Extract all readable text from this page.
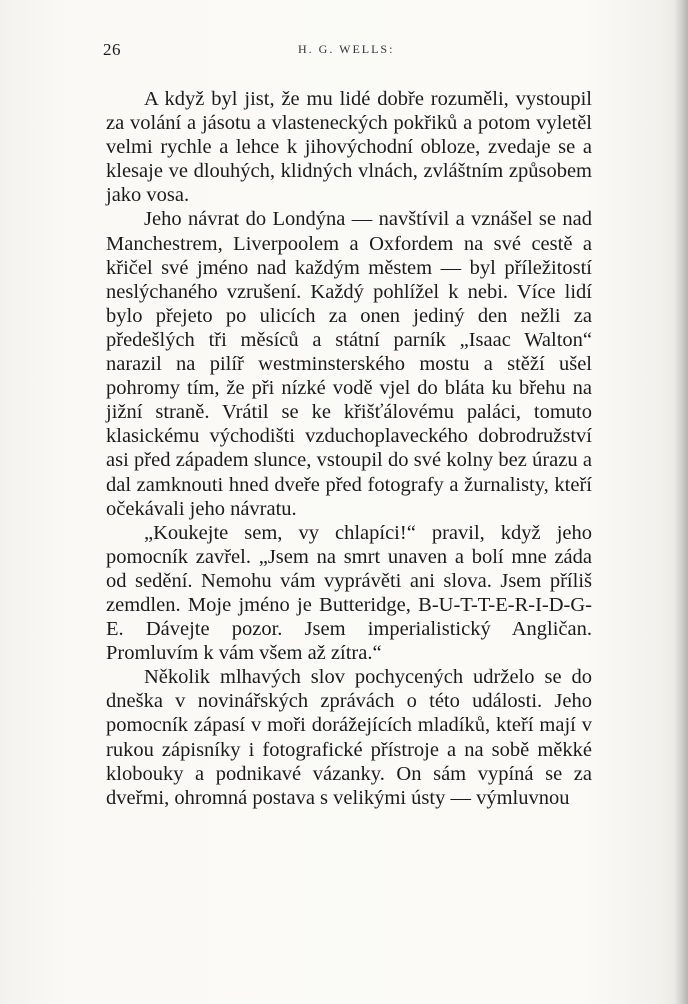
26	H. G. WELLS:

A když byl jist, že mu lidé dobře rozuměli, vystoupil za volání a jásotu a vlasteneckých pokřiků a potom vyletěl velmi rychle a lehce k jihovýchodní obloze, zvedaje se a klesaje ve dlouhých, klidných vlnách, zvláštním způsobem jako vosa.

Jeho návrat do Londýna — navštívil a vznášel se nad Manchestrem, Liverpoolem a Oxfordem na své cestě a křičel své jméno nad každým městem — byl příležitostí neslýchaného vzrušení. Každý pohlížel k nebi. Více lidí bylo přejeto po ulicích za onen jediný den nežli za předešlých tři měsíců a státní parník „Isaac Walton“ narazil na pilíř westminsterského mostu a stěží ušel pohromy tím, že při nízké vodě vjel do bláta ku břehu na jižní straně. Vrátil se ke křišťálovému paláci, tomuto klasickému východišti vzduchoplaveckého dobrodružství asi před západem slunce, vstoupil do své kolny bez úrazu a dal zamknouti hned dveře před fotografy a žurnalisty, kteří očekávali jeho návratu.

„Koukejte sem, vy chlapíci!“ pravil, když jeho pomocník zavřel. „Jsem na smrt unaven a bolí mne záda od sedění. Nemohu vám vyprávěti ani slova. Jsem příliš zemdlen. Moje jméno je Butteridge, B-U-T-T-E-R-I-D-G-E. Dávejte pozor. Jsem imperialistický Angličan. Promluvím k vám všem až zítra.“

Několik mlhavých slov pochycených udrželo se do dneška v novinářských zprávách o této události. Jeho pomocník zápasí v moři dorážejících mladíků, kteří mají v rukou zápisníky i fotografické přístroje a na sobě měkké klobouky a podnikavé vázanky. On sám vypíná se za dveřmi, ohromná postava s velikými ústy — výmluvnou
